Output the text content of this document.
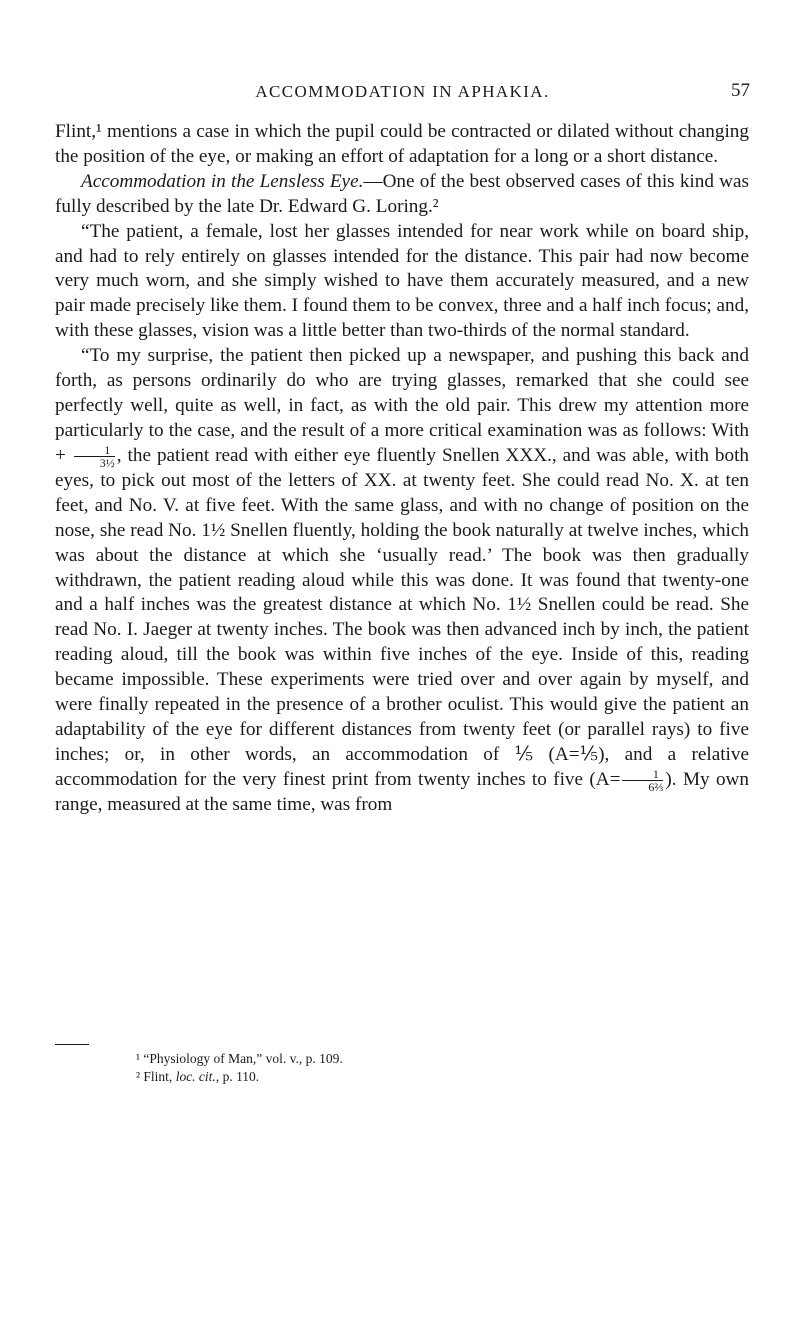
ACCOMMODATION IN APHAKIA.	57

Flint,¹ mentions a case in which the pupil could be contracted or dilated without changing the position of the eye, or making an effort of adaptation for a long or a short distance.

Accommodation in the Lensless Eye.—One of the best observed cases of this kind was fully described by the late Dr. Edward G. Loring.²

“The patient, a female, lost her glasses intended for near work while on board ship, and had to rely entirely on glasses intended for the distance. This pair had now become very much worn, and she simply wished to have them accurately measured, and a new pair made precisely like them. I found them to be convex, three and a half inch focus; and, with these glasses, vision was a little better than two-thirds of the normal standard.

“To my surprise, the patient then picked up a newspaper, and pushing this back and forth, as persons ordinarily do who are trying glasses, remarked that she could see perfectly well, quite as well, in fact, as with the old pair. This drew my attention more particularly to the case, and the result of a more critical examination was as follows: With + $\frac{1}{\text{3½}}$ , the patient read with either eye fluently Snellen XXX., and was able, with both eyes, to pick out most of the letters of XX. at twenty feet. She could read No. X. at ten feet, and No. V. at five feet. With the same glass, and with no change of position on the nose, she read No. 1½ Snellen fluently, holding the book naturally at twelve inches, which was about the distance at which she ‘usually read.’ The book was then gradually withdrawn, the patient reading aloud while this was done. It was found that twenty-one and a half inches was the greatest distance at which No. 1½ Snellen could be read. She read No. I. Jaeger at twenty inches. The book was then advanced inch by inch, the patient reading aloud, till the book was within five inches of the eye. Inside of this, reading became impossible. These experiments were tried over and over again by myself, and were finally repeated in the presence of a brother oculist. This would give the patient an adaptability of the eye for different distances from twenty feet (or parallel rays) to five inches; or, in other words, an accommodation of ⅕ (A=⅕), and a relative accommodation for the very finest print from twenty inches to five ($A= \frac{1}{\text{6⅔}}$ ). My own range, measured at the same time, was from

¹ “Physiology of Man,” vol. v., p. 109.
² Flint, loc. cit., p. 110.
